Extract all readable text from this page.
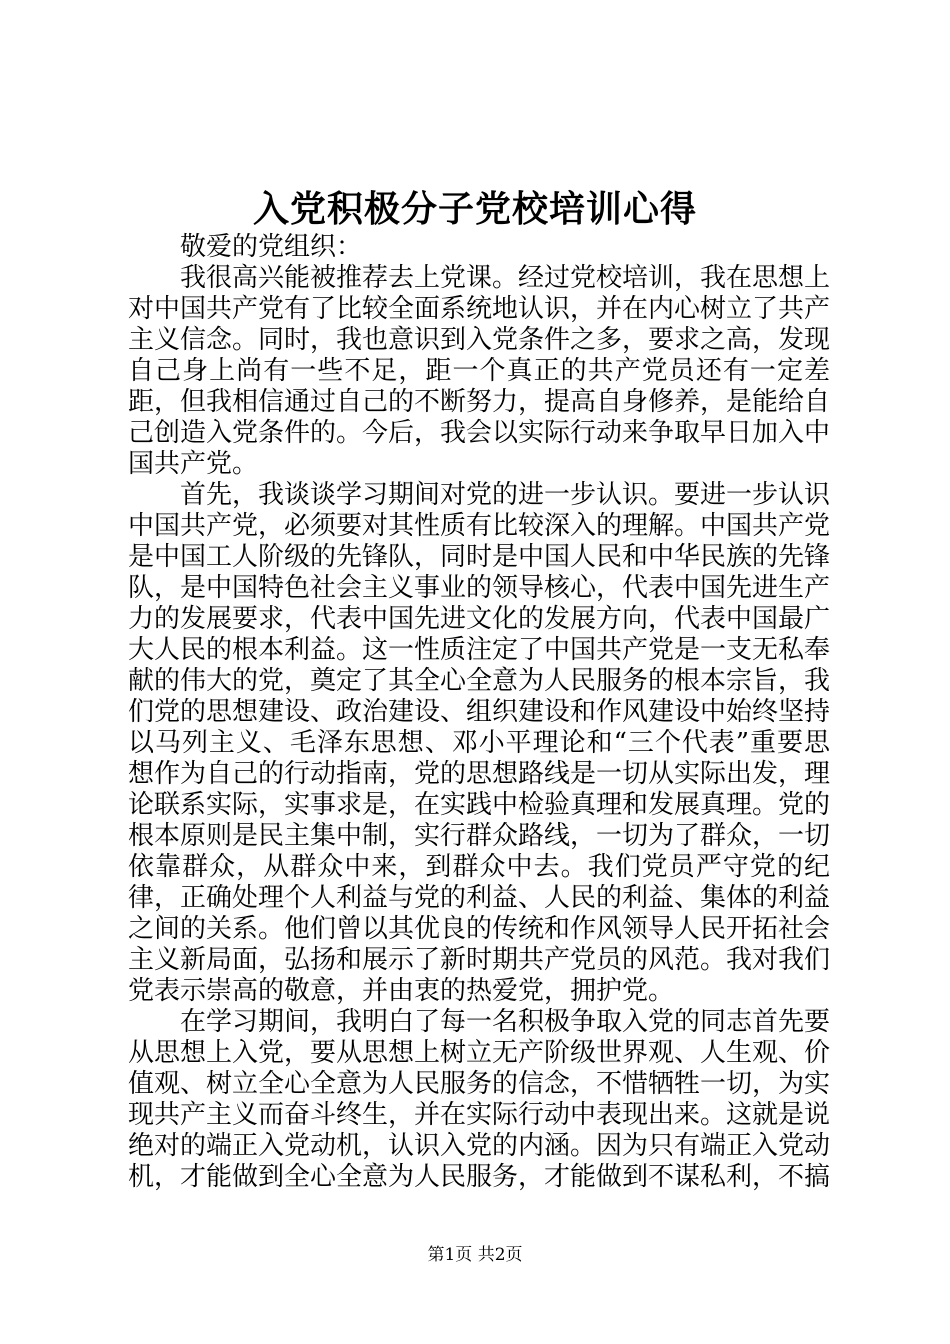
入党积极分子党校培训心得

敬爱的党组织：

我很高兴能被推荐去上党课。经过党校培训，我在思想上对中国共产党有了比较全面系统地认识，并在内心树立了共产主义信念。同时，我也意识到入党条件之多，要求之高，发现自己身上尚有一些不足，距一个真正的共产党员还有一定差距，但我相信通过自己的不断努力，提高自身修养，是能给自己创造入党条件的。今后，我会以实际行动来争取早日加入中国共产党。

首先，我谈谈学习期间对党的进一步认识。要进一步认识中国共产党，必须要对其性质有比较深入的理解。中国共产党是中国工人阶级的先锋队，同时是中国人民和中华民族的先锋队，是中国特色社会主义事业的领导核心，代表中国先进生产力的发展要求，代表中国先进文化的发展方向，代表中国最广大人民的根本利益。这一性质注定了中国共产党是一支无私奉献的伟大的党，奠定了其全心全意为人民服务的根本宗旨，我们党的思想建设、政治建设、组织建设和作风建设中始终坚持以马列主义、毛泽东思想、邓小平理论和“三个代表”重要思想作为自己的行动指南，党的思想路线是一切从实际出发，理论联系实际，实事求是，在实践中检验真理和发展真理。党的根本原则是民主集中制，实行群众路线，一切为了群众，一切依靠群众，从群众中来，到群众中去。我们党员严守党的纪律，正确处理个人利益与党的利益、人民的利益、集体的利益之间的关系。他们曾以其优良的传统和作风领导人民开拓社会主义新局面，弘扬和展示了新时期共产党员的风范。我对我们党表示崇高的敬意，并由衷的热爱党，拥护党。

在学习期间，我明白了每一名积极争取入党的同志首先要从思想上入党，要从思想上树立无产阶级世界观、人生观、价值观、树立全心全意为人民服务的信念，不惜牺牲一切，为实现共产主义而奋斗终生，并在实际行动中表现出来。这就是说绝对的端正入党动机，认识入党的内涵。因为只有端正入党动机，才能做到全心全意为人民服务，才能做到不谋私利，不搞

第1页 共2页
